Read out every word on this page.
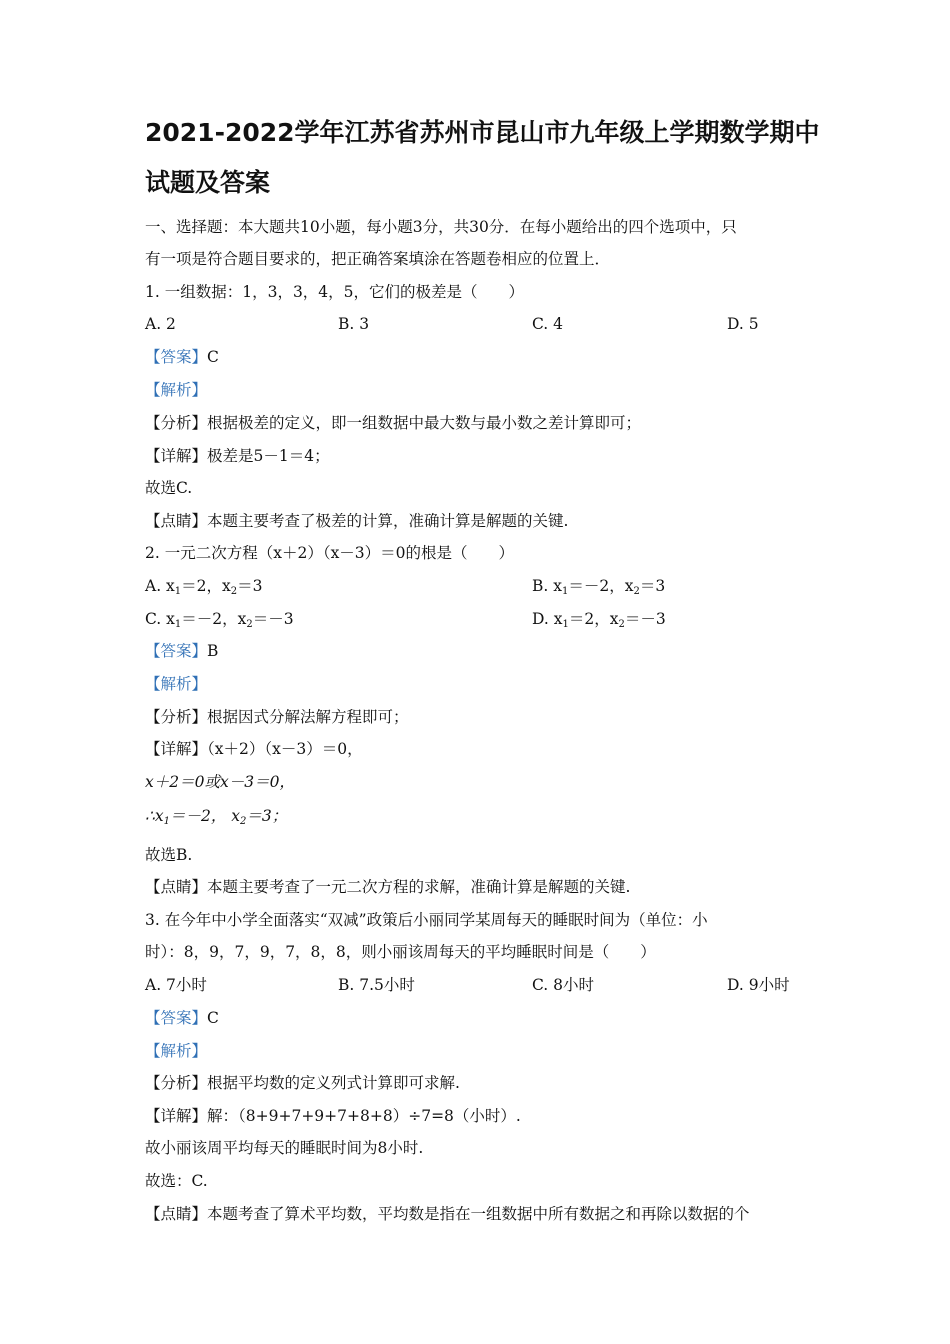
2021-2022学年江苏省苏州市昆山市九年级上学期数学期中
试题及答案
一、选择题：本大题共10小题，每小题3分，共30分．在每小题给出的四个选项中，只
有一项是符合题目要求的，把正确答案填涂在答题卷相应的位置上．
1. 一组数据：1，3，3，4，5，它们的极差是（　　）
A. 2	B. 3	C. 4	D. 5
【答案】C
【解析】
【分析】根据极差的定义，即一组数据中最大数与最小数之差计算即可；
【详解】极差是5－1＝4；
故选C.
【点睛】本题主要考查了极差的计算，准确计算是解题的关键.
2. 一元二次方程（x＋2）（x－3）＝0的根是（　　）
A. $x_1=2$，$x_2=3$	B. $x_1=-2$，$x_2=3$
C. $x_1=-2$，$x_2=-3$	D. $x_1=2$，$x_2=-3$
【答案】B
【解析】
【分析】根据因式分解法解方程即可；
【详解】（x＋2）（x－3）＝0，
x＋2＝0或x－3＝0，
$\therefore x_1=-2$， $x_2=3$；
故选B.
【点睛】本题主要考查了一元二次方程的求解，准确计算是解题的关键.
3. 在今年中小学全面落实“双减”政策后小丽同学某周每天的睡眠时间为（单位：小
时）：8，9，7，9，7，8，8，则小丽该周每天的平均睡眠时间是（　　）
A. 7小时	B. 7.5小时	C. 8小时	D. 9小时
【答案】C
【解析】
【分析】根据平均数的定义列式计算即可求解.
【详解】解：（8+9+7+9+7+8+8）÷7=8（小时）.
故小丽该周平均每天的睡眠时间为8小时.
故选：C.
【点睛】本题考查了算术平均数，平均数是指在一组数据中所有数据之和再除以数据的个
